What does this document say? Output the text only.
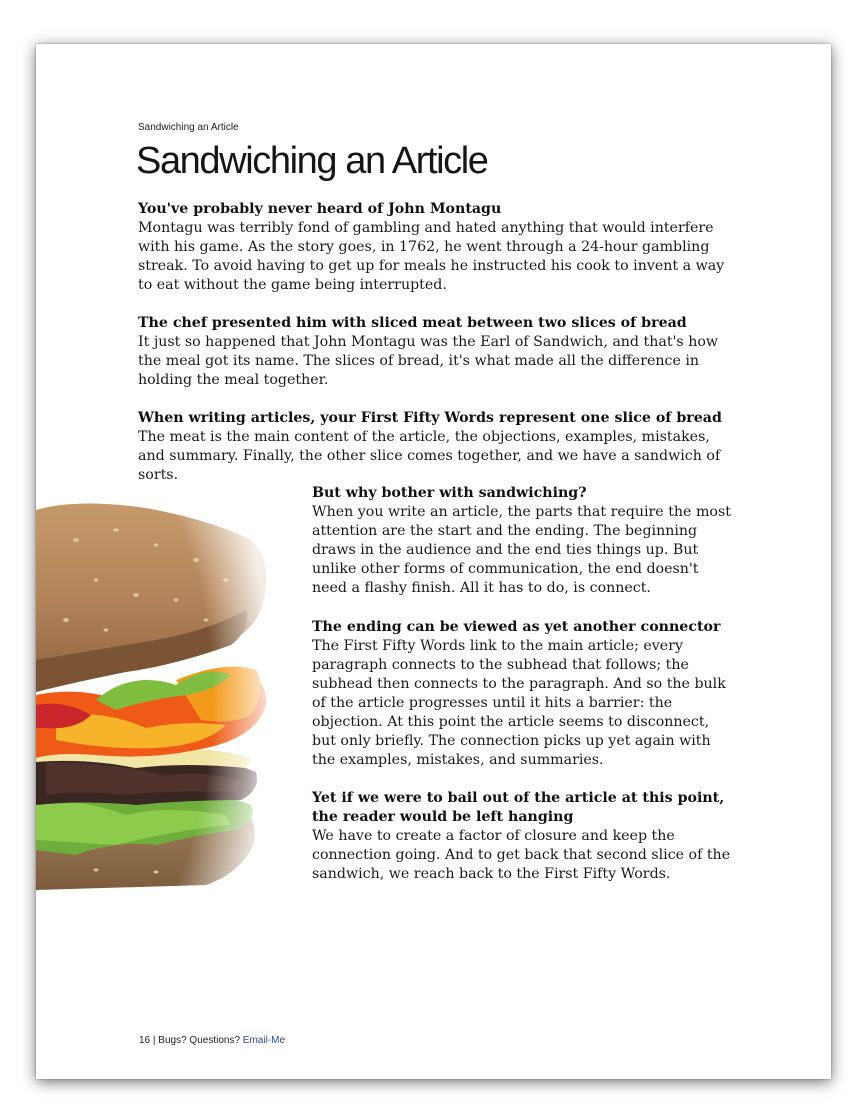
Sandwiching an Article
Sandwiching an Article

You've probably never heard of John Montagu

Montagu was terribly fond of gambling and hated anything that would interfere with his game. As the story goes, in 1762, he went through a 24-hour gambling streak. To avoid having to get up for meals he instructed his cook to invent a way to eat without the game being interrupted.

The chef presented him with sliced meat between two slices of bread

It just so happened that John Montagu was the Earl of Sandwich, and that's how the meal got its name. The slices of bread, it's what made all the difference in holding the meal together.

When writing articles, your First Fifty Words represent one slice of bread

The meat is the main content of the article, the objections, examples, mistakes, and summary. Finally, the other slice comes together, and we have a sandwich of sorts.

But why bother with sandwiching?

When you write an article, the parts that require the most attention are the start and the ending. The beginning draws in the audience and the end ties things up. But unlike other forms of communication, the end doesn't need a flashy finish. All it has to do, is connect.

The ending can be viewed as yet another connector

The First Fifty Words link to the main article; every paragraph connects to the subhead that follows; the subhead then connects to the paragraph. And so the bulk of the article progresses until it hits a barrier: the objection. At this point the article seems to disconnect, but only briefly. The connection picks up yet again with the examples, mistakes, and summaries.

Yet if we were to bail out of the article at this point, the reader would be left hanging

We have to create a factor of closure and keep the connection going. And to get back that second slice of the sandwich, we reach back to the First Fifty Words.

16 | Bugs? Questions? Email-Me
